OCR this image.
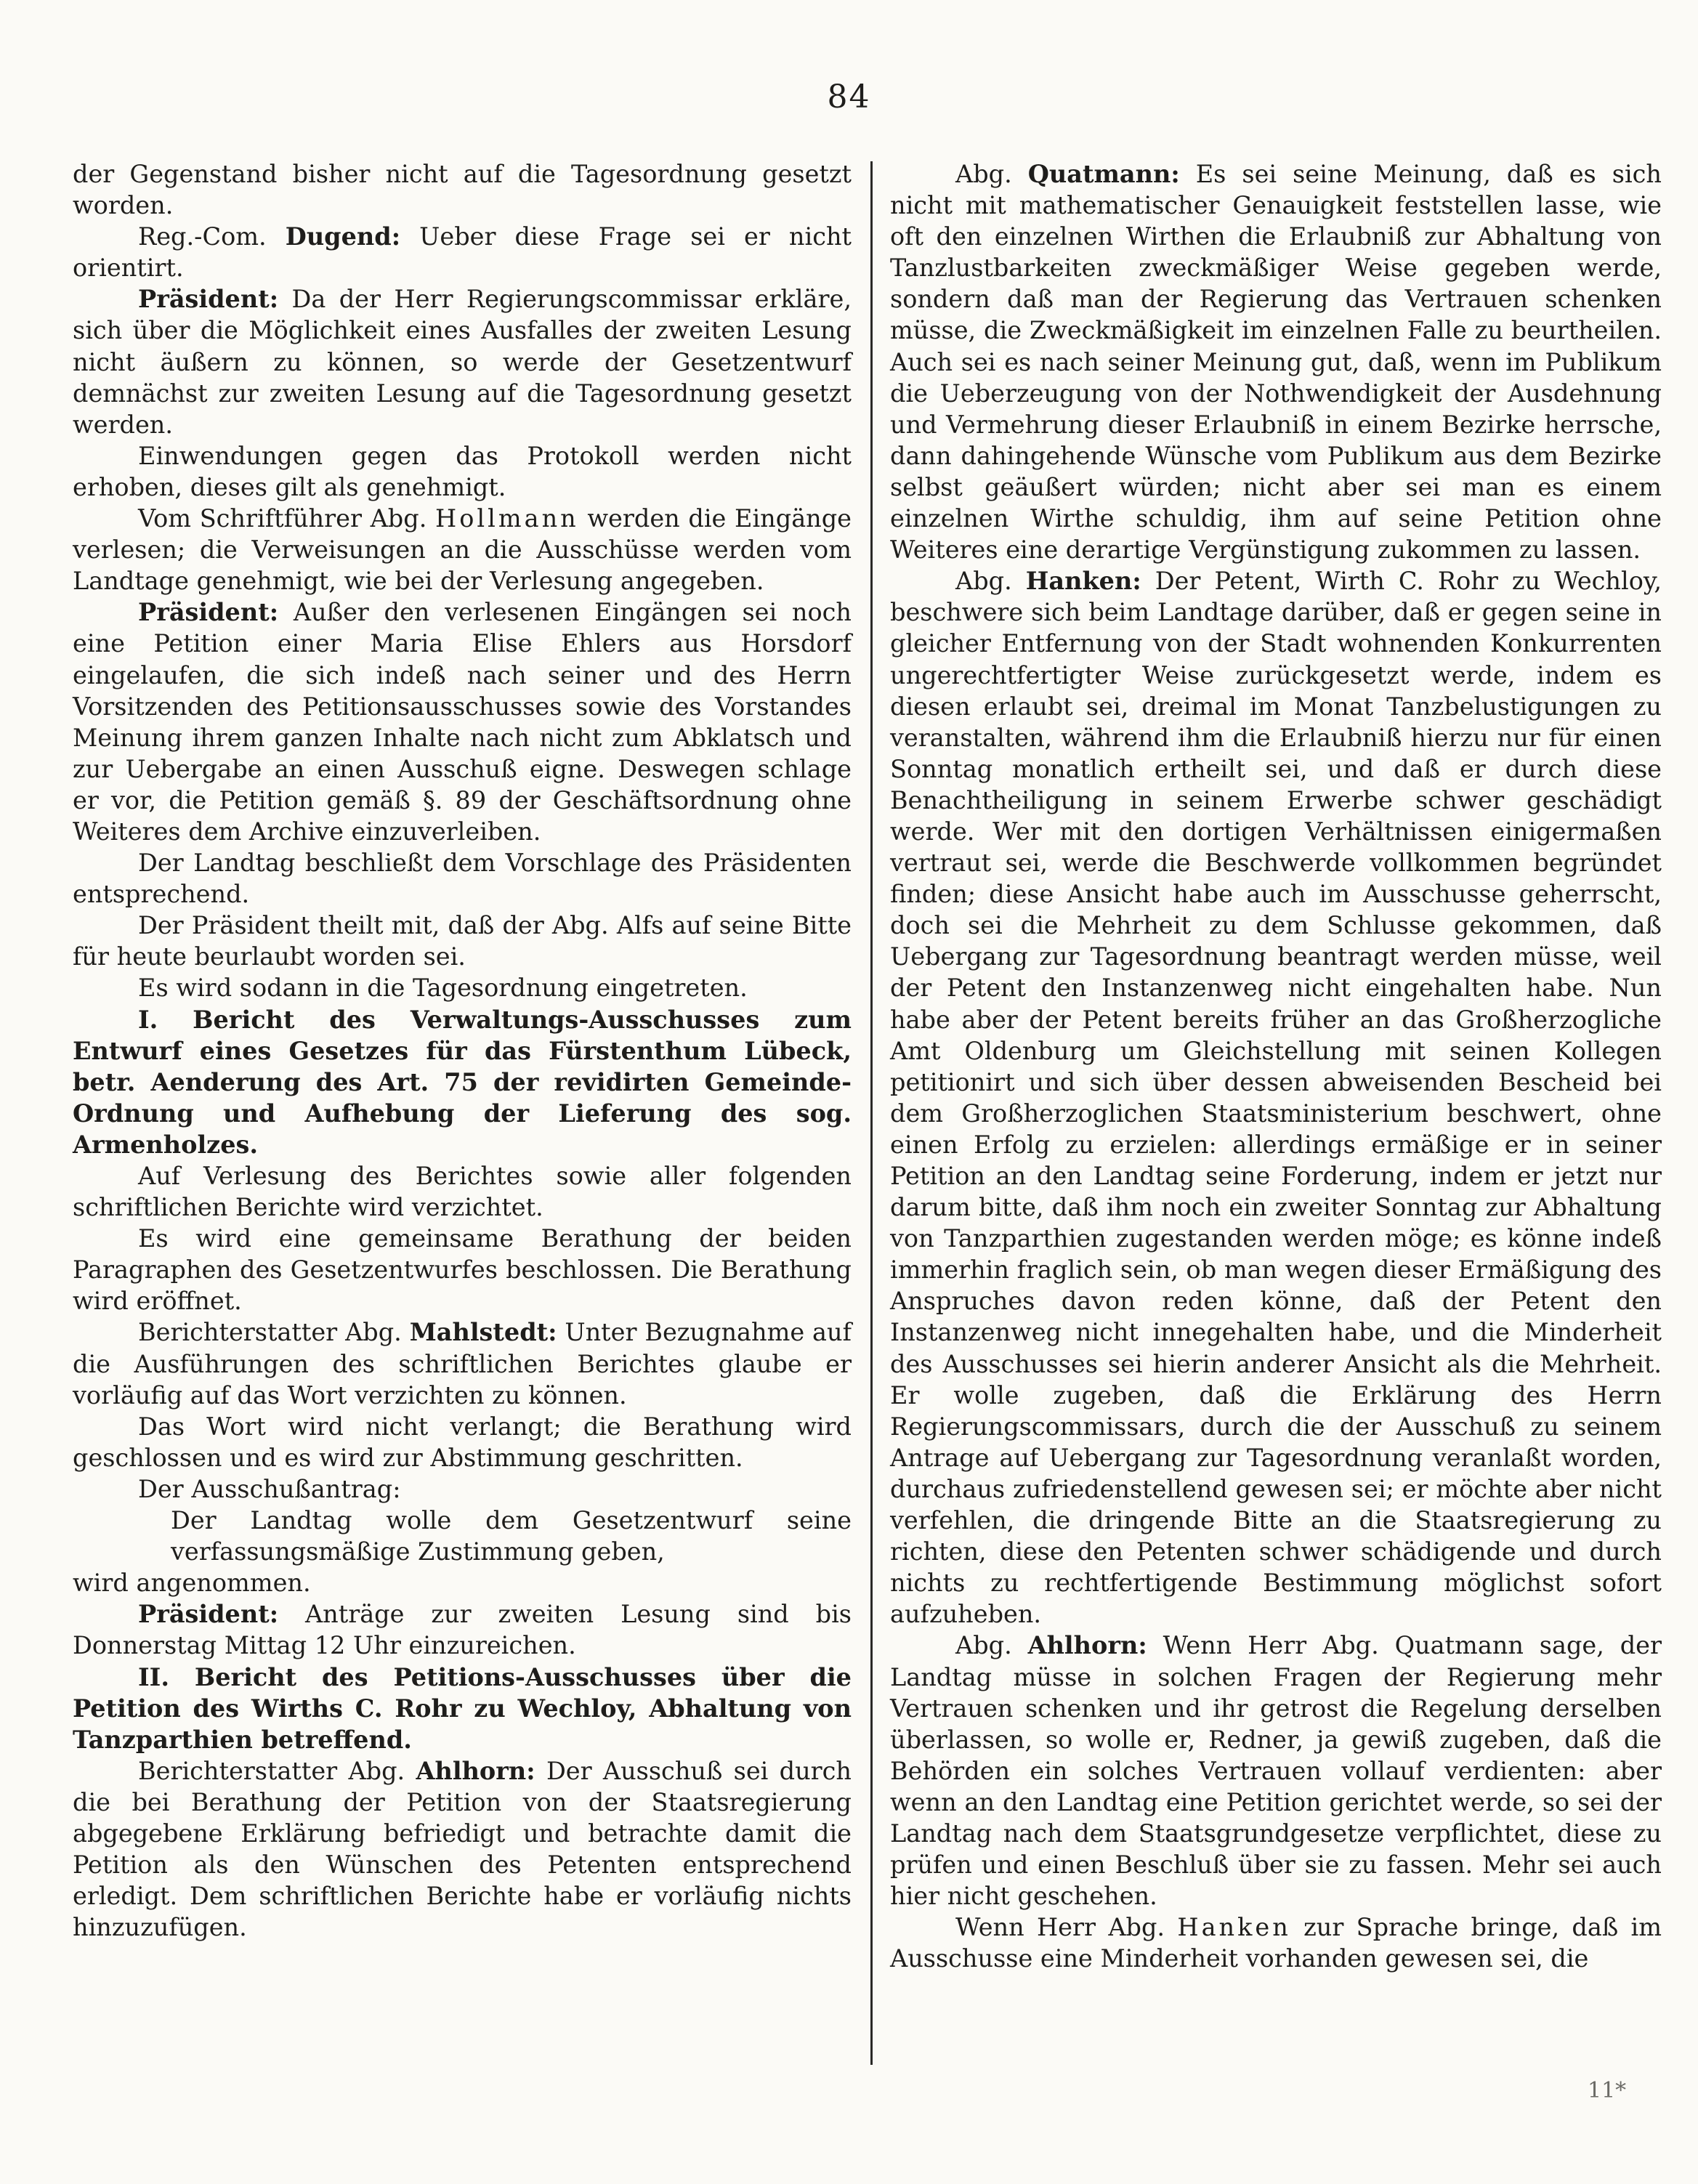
84

der Gegenstand bisher nicht auf die Tagesordnung gesetzt worden.

Reg.-Com. Dugend: Ueber diese Frage sei er nicht orientirt.

Präsident: Da der Herr Regierungscommissar erkläre, sich über die Möglichkeit eines Ausfalles der zweiten Lesung nicht äußern zu können, so werde der Gesetzentwurf demnächst zur zweiten Lesung auf die Tagesordnung gesetzt werden.

Einwendungen gegen das Protokoll werden nicht erhoben, dieses gilt als genehmigt.

Vom Schriftführer Abg. Hollmann werden die Eingänge verlesen; die Verweisungen an die Ausschüsse werden vom Landtage genehmigt, wie bei der Verlesung angegeben.

Präsident: Außer den verlesenen Eingängen sei noch eine Petition einer Maria Elise Ehlers aus Horsdorf eingelaufen, die sich indeß nach seiner und des Herrn Vorsitzenden des Petitionsausschusses sowie des Vorstandes Meinung ihrem ganzen Inhalte nach nicht zum Abklatsch und zur Uebergabe an einen Ausschuß eigne. Deswegen schlage er vor, die Petition gemäß §. 89 der Geschäftsordnung ohne Weiteres dem Archive einzuverleiben.

Der Landtag beschließt dem Vorschlage des Präsidenten entsprechend.

Der Präsident theilt mit, daß der Abg. Alfs auf seine Bitte für heute beurlaubt worden sei.

Es wird sodann in die Tagesordnung eingetreten.

I. Bericht des Verwaltungs-Ausschusses zum Entwurf eines Gesetzes für das Fürstenthum Lübeck, betr. Aenderung des Art. 75 der revidirten Gemeinde-Ordnung und Aufhebung der Lieferung des sog. Armenholzes.

Auf Verlesung des Berichtes sowie aller folgenden schriftlichen Berichte wird verzichtet.

Es wird eine gemeinsame Berathung der beiden Paragraphen des Gesetzentwurfes beschlossen. Die Berathung wird eröffnet.

Berichterstatter Abg. Mahlstedt: Unter Bezugnahme auf die Ausführungen des schriftlichen Berichtes glaube er vorläufig auf das Wort verzichten zu können.

Das Wort wird nicht verlangt; die Berathung wird geschlossen und es wird zur Abstimmung geschritten.

Der Ausschußantrag:

Der Landtag wolle dem Gesetzentwurf seine verfassungsmäßige Zustimmung geben,

wird angenommen.

Präsident: Anträge zur zweiten Lesung sind bis Donnerstag Mittag 12 Uhr einzureichen.

II. Bericht des Petitions-Ausschusses über die Petition des Wirths C. Rohr zu Wechloy, Abhaltung von Tanzparthien betreffend.

Berichterstatter Abg. Ahlhorn: Der Ausschuß sei durch die bei Berathung der Petition von der Staatsregierung abgegebene Erklärung befriedigt und betrachte damit die Petition als den Wünschen des Petenten entsprechend erledigt. Dem schriftlichen Berichte habe er vorläufig nichts hinzuzufügen.

Abg. Quatmann: Es sei seine Meinung, daß es sich nicht mit mathematischer Genauigkeit feststellen lasse, wie oft den einzelnen Wirthen die Erlaubniß zur Abhaltung von Tanzlustbarkeiten zweckmäßiger Weise gegeben werde, sondern daß man der Regierung das Vertrauen schenken müsse, die Zweckmäßigkeit im einzelnen Falle zu beurtheilen. Auch sei es nach seiner Meinung gut, daß, wenn im Publikum die Ueberzeugung von der Nothwendigkeit der Ausdehnung und Vermehrung dieser Erlaubniß in einem Bezirke herrsche, dann dahingehende Wünsche vom Publikum aus dem Bezirke selbst geäußert würden; nicht aber sei man es einem einzelnen Wirthe schuldig, ihm auf seine Petition ohne Weiteres eine derartige Vergünstigung zukommen zu lassen.

Abg. Hanken: Der Petent, Wirth C. Rohr zu Wechloy, beschwere sich beim Landtage darüber, daß er gegen seine in gleicher Entfernung von der Stadt wohnenden Konkurrenten ungerechtfertigter Weise zurückgesetzt werde, indem es diesen erlaubt sei, dreimal im Monat Tanzbelustigungen zu veranstalten, während ihm die Erlaubniß hierzu nur für einen Sonntag monatlich ertheilt sei, und daß er durch diese Benachtheiligung in seinem Erwerbe schwer geschädigt werde. Wer mit den dortigen Verhältnissen einigermaßen vertraut sei, werde die Beschwerde vollkommen begründet finden; diese Ansicht habe auch im Ausschusse geherrscht, doch sei die Mehrheit zu dem Schlusse gekommen, daß Uebergang zur Tagesordnung beantragt werden müsse, weil der Petent den Instanzenweg nicht eingehalten habe. Nun habe aber der Petent bereits früher an das Großherzogliche Amt Oldenburg um Gleichstellung mit seinen Kollegen petitionirt und sich über dessen abweisenden Bescheid bei dem Großherzoglichen Staatsministerium beschwert, ohne einen Erfolg zu erzielen: allerdings ermäßige er in seiner Petition an den Landtag seine Forderung, indem er jetzt nur darum bitte, daß ihm noch ein zweiter Sonntag zur Abhaltung von Tanzparthien zugestanden werden möge; es könne indeß immerhin fraglich sein, ob man wegen dieser Ermäßigung des Anspruches davon reden könne, daß der Petent den Instanzenweg nicht innegehalten habe, und die Minderheit des Ausschusses sei hierin anderer Ansicht als die Mehrheit. Er wolle zugeben, daß die Erklärung des Herrn Regierungscommissars, durch die der Ausschuß zu seinem Antrage auf Uebergang zur Tagesordnung veranlaßt worden, durchaus zufriedenstellend gewesen sei; er möchte aber nicht verfehlen, die dringende Bitte an die Staatsregierung zu richten, diese den Petenten schwer schädigende und durch nichts zu rechtfertigende Bestimmung möglichst sofort aufzuheben.

Abg. Ahlhorn: Wenn Herr Abg. Quatmann sage, der Landtag müsse in solchen Fragen der Regierung mehr Vertrauen schenken und ihr getrost die Regelung derselben überlassen, so wolle er, Redner, ja gewiß zugeben, daß die Behörden ein solches Vertrauen vollauf verdienten: aber wenn an den Landtag eine Petition gerichtet werde, so sei der Landtag nach dem Staatsgrundgesetze verpflichtet, diese zu prüfen und einen Beschluß über sie zu fassen. Mehr sei auch hier nicht geschehen.

Wenn Herr Abg. Hanken zur Sprache bringe, daß im Ausschusse eine Minderheit vorhanden gewesen sei, die

11*
